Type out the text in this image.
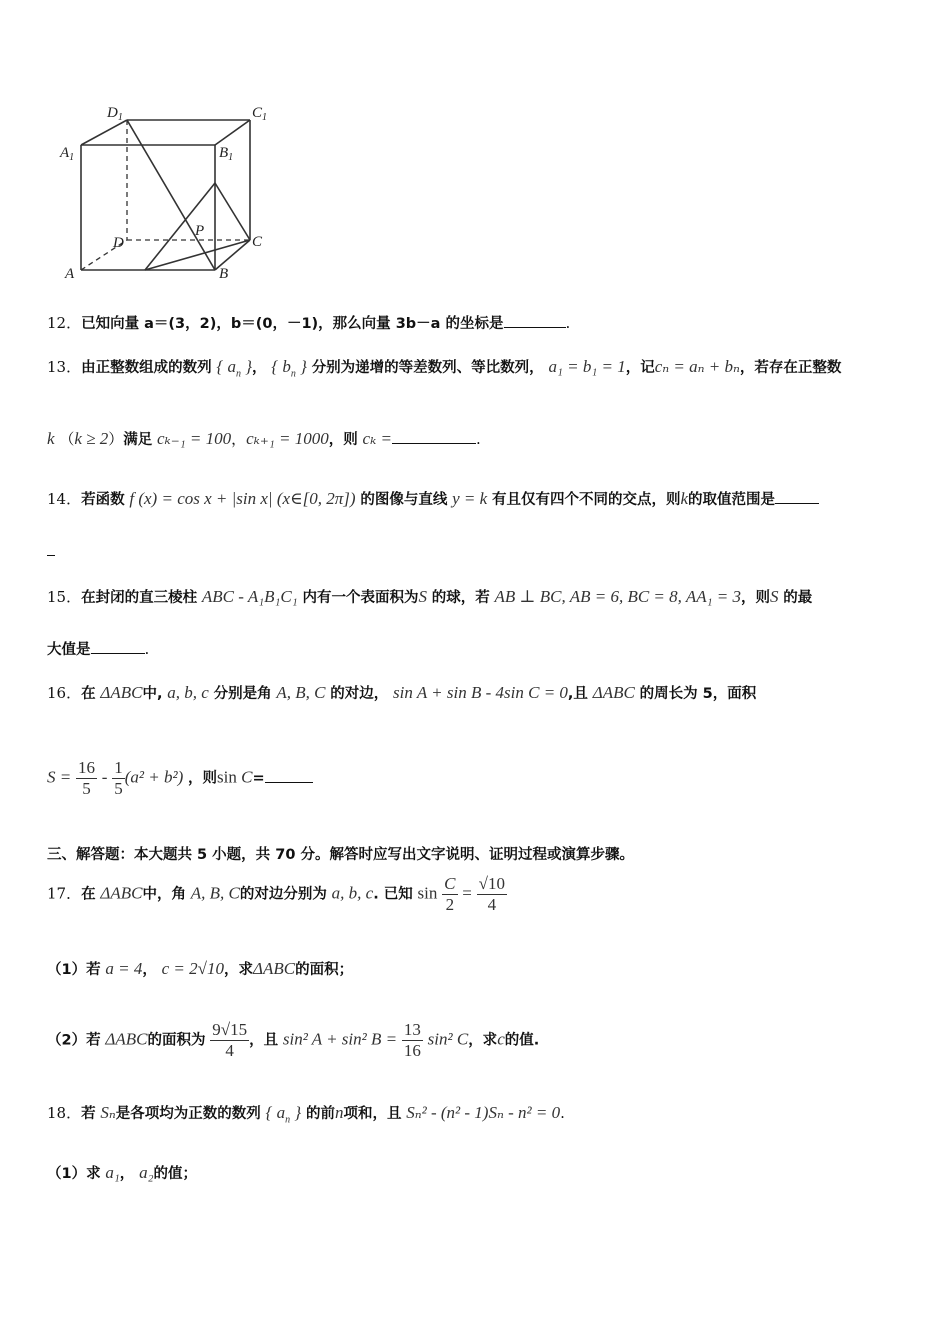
$D_1$	$C_1$
$A_1$	$B_1$
D
P
C
A	B
12．已知向量 a＝(3，2)，b＝(0，－1)，那么向量 3b－a 的坐标是	.
13．由正整数组成的数列 { $a_n$ }， { $b_n$ } 分别为递增的等差数列、等比数列， a₁ = b₁ = 1，记cₙ = aₙ + bₙ，若存在正整数
k （k ≥ 2）满足 cₖ₋₁ = 100，cₖ₊₁ = 1000，则 cₖ =	.
14．若函数 f (x) = cos x + |sin x| (x∈[0, 2π]) 的图像与直线 y = k 有且仅有四个不同的交点，则k的取值范围是
15．在封闭的直三棱柱 ABC - A₁B₁C₁ 内有一个表面积为S 的球，若 AB ⊥ BC, AB = 6, BC = 8, AA₁ = 3，则S 的最
大值是	.
16．在 ΔABC中, a, b, c 分别是角 A, B, C 的对边， sin A + sin B - 4sin C = 0,且 ΔABC 的周长为 5，面积
$S = \frac{16}{5} - \frac{1}{5} (a^2 + b^2)$ ，则sin C=
三、解答题：本大题共 5 小题，共 70 分。解答时应写出文字说明、证明过程或演算步骤。
17．在 ΔABC中，角 A, B, C的对边分别为 a, b, c. 已知 $\sin \frac{C}{2} = \frac{√10}{4}$
（1）若 a = 4， c = 2√10，求ΔABC的面积；
（2）若 ΔABC的面积为 $\frac{9√15}{4}$ ，且 sin² A + sin² $B = \frac{13}{16} \sin^2$ C，求c的值.
18．若 Sₙ是各项均为正数的数列 { $a_n$ } 的前n项和，且 Sₙ² - (n² - 1)Sₙ - n² = 0.
（1）求 a₁， a₂的值；
